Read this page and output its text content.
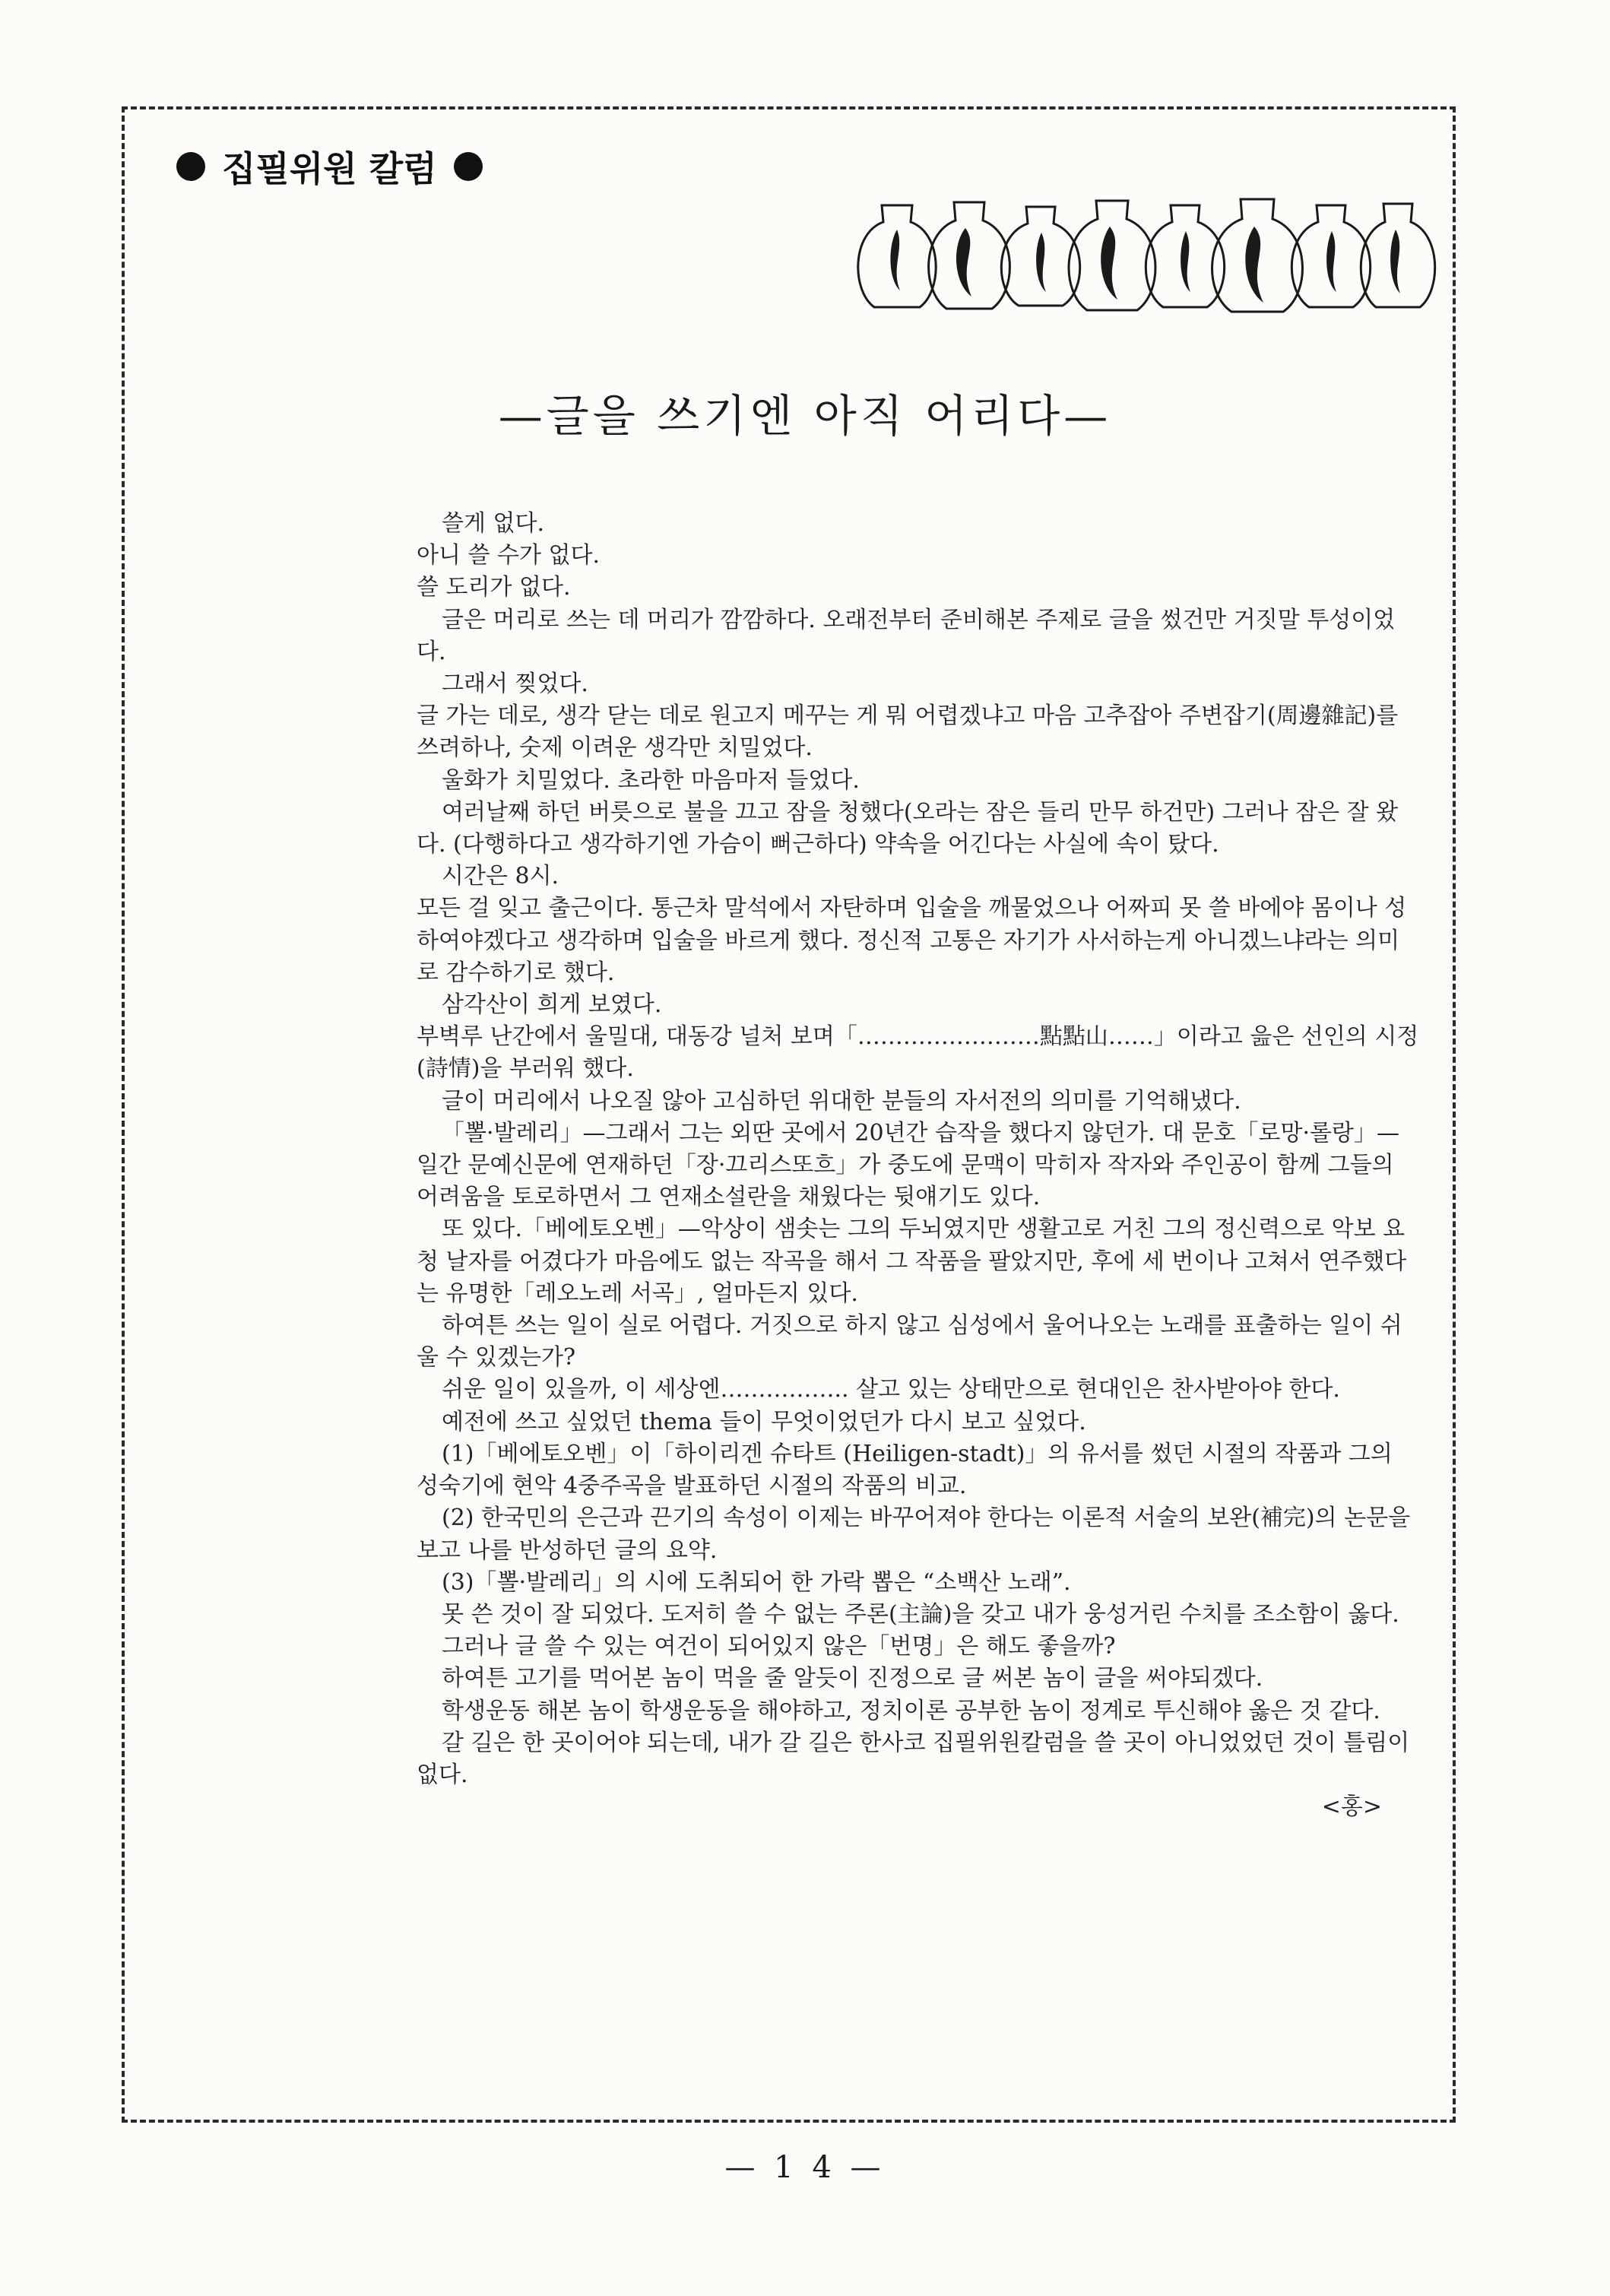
집필위원 칼럼
—글을 쓰기엔 아직 어리다—

쓸게 없다.

아니 쓸 수가 없다.

쓸 도리가 없다.

글은 머리로 쓰는 데 머리가 깜깜하다. 오래전부터 준비해본 주제로 글을 썼건만 거짓말 투성이었다.

그래서 찢었다.

글 가는 데로, 생각 닫는 데로 원고지 메꾸는 게 뭐 어렵겠냐고 마음 고추잡아 주변잡기(周邊雜記)를 쓰려하나, 숫제 이려운 생각만 치밀었다.

울화가 치밀었다. 초라한 마음마저 들었다.

여러날째 하던 버릇으로 불을 끄고 잠을 청했다(오라는 잠은 들리 만무 하건만) 그러나 잠은 잘 왔다. (다행하다고 생각하기엔 가슴이 뻐근하다) 약속을 어긴다는 사실에 속이 탔다.

시간은 8시.

모든 걸 잊고 출근이다. 통근차 말석에서 자탄하며 입술을 깨물었으나 어짜피 못 쓸 바에야 몸이나 성하여야겠다고 생각하며 입술을 바르게 했다. 정신적 고통은 자기가 사서하는게 아니겠느냐라는 의미로 감수하기로 했다.

삼각산이 희게 보였다.

부벽루 난간에서 울밀대, 대동강 널처 보며「……………………點點山……」이라고 읊은 선인의 시정(詩情)을 부러워 했다.

글이 머리에서 나오질 않아 고심하던 위대한 분들의 자서전의 의미를 기억해냈다.

「뽈·발레리」—그래서 그는 외딴 곳에서 20년간 습작을 했다지 않던가. 대 문호「로망·롤랑」—일간 문예신문에 연재하던「장·끄리스또흐」가 중도에 문맥이 막히자 작자와 주인공이 함께 그들의 어려움을 토로하면서 그 연재소설란을 채웠다는 뒷얘기도 있다.

또 있다.「베에토오벤」—악상이 샘솟는 그의 두뇌였지만 생활고로 거친 그의 정신력으로 악보 요청 날자를 어겼다가 마음에도 없는 작곡을 해서 그 작품을 팔았지만, 후에 세 번이나 고쳐서 연주했다는 유명한「레오노레 서곡」, 얼마든지 있다.

하여튼 쓰는 일이 실로 어렵다. 거짓으로 하지 않고 심성에서 울어나오는 노래를 표출하는 일이 쉬울 수 있겠는가?

쉬운 일이 있을까, 이 세상엔…………….. 살고 있는 상태만으로 현대인은 찬사받아야 한다.

예전에 쓰고 싶었던 thema 들이 무엇이었던가 다시 보고 싶었다.

(1)「베에토오벤」이「하이리겐 슈타트 (Heiligen-stadt)」의 유서를 썼던 시절의 작품과 그의 성숙기에 현악 4중주곡을 발표하던 시절의 작품의 비교.

(2) 한국민의 은근과 끈기의 속성이 이제는 바꾸어져야 한다는 이론적 서술의 보완(補完)의 논문을 보고 나를 반성하던 글의 요약.

(3)「뽈·발레리」의 시에 도취되어 한 가락 뽑은 “소백산 노래”.

못 쓴 것이 잘 되었다. 도저히 쓸 수 없는 주론(主論)을 갖고 내가 웅성거린 수치를 조소함이 옳다.

그러나 글 쓸 수 있는 여건이 되어있지 않은「번명」은 해도 좋을까?

하여튼 고기를 먹어본 놈이 먹을 줄 알듯이 진정으로 글 써본 놈이 글을 써야되겠다.

학생운동 해본 놈이 학생운동을 해야하고, 정치이론 공부한 놈이 정계로 투신해야 옳은 것 같다.

갈 길은 한 곳이어야 되는데, 내가 갈 길은 한사코 집필위원칼럼을 쓸 곳이 아니었었던 것이 틀림이 없다.

<홍>

— 1 4 —
